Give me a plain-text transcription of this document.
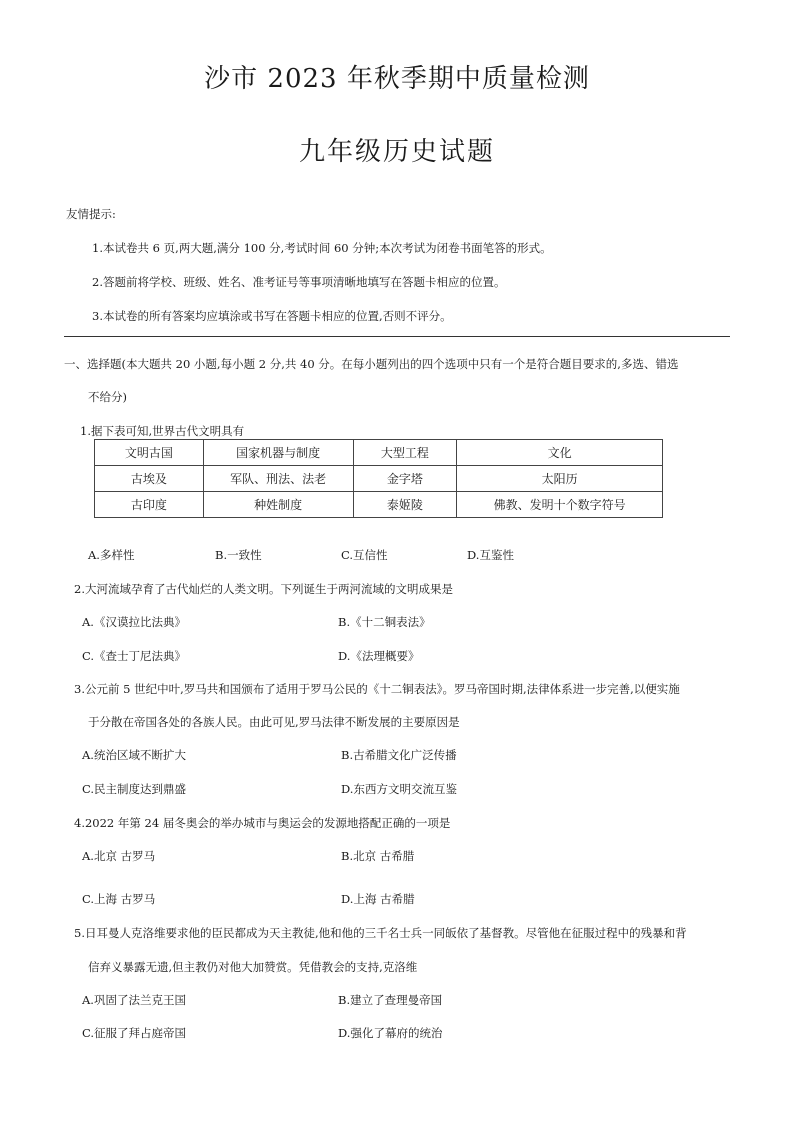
沙市 2023 年秋季期中质量检测
九年级历史试题
友情提示:
1.本试卷共 6 页,两大题,满分 100 分,考试时间 60 分钟;本次考试为闭卷书面笔答的形式。
2.答题前将学校、班级、姓名、准考证号等事项清晰地填写在答题卡相应的位置。
3.本试卷的所有答案均应填涂或书写在答题卡相应的位置,否则不评分。
一、选择题(本大题共 20 小题,每小题 2 分,共 40 分。在每小题列出的四个选项中只有一个是符合题目要求的,多选、错选
不给分)
1.据下表可知,世界古代文明具有
文明古国	国家机器与制度	大型工程	文化
古埃及	军队、刑法、法老	金字塔	太阳历
古印度	种姓制度	泰姬陵	佛教、发明十个数字符号
A.多样性	B.一致性	C.互信性	D.互鉴性
2.大河流域孕育了古代灿烂的人类文明。下列诞生于两河流域的文明成果是
A.《汉谟拉比法典》	B.《十二铜表法》
C.《查士丁尼法典》	D.《法理概要》
3.公元前 5 世纪中叶,罗马共和国颁布了适用于罗马公民的《十二铜表法》。罗马帝国时期,法律体系进一步完善,以便实施
于分散在帝国各处的各族人民。由此可见,罗马法律不断发展的主要原因是
A.统治区域不断扩大	B.古希腊文化广泛传播
C.民主制度达到鼎盛	D.东西方文明交流互鉴
4.2022 年第 24 届冬奥会的举办城市与奥运会的发源地搭配正确的一项是
A.北京 古罗马	B.北京 古希腊
C.上海 古罗马	D.上海 古希腊
5.日耳曼人克洛维要求他的臣民都成为天主教徒,他和他的三千名士兵一同皈依了基督教。尽管他在征服过程中的残暴和背
信弃义暴露无遗,但主教仍对他大加赞赏。凭借教会的支持,克洛维
A.巩固了法兰克王国	B.建立了查理曼帝国
C.征服了拜占庭帝国	D.强化了幕府的统治
